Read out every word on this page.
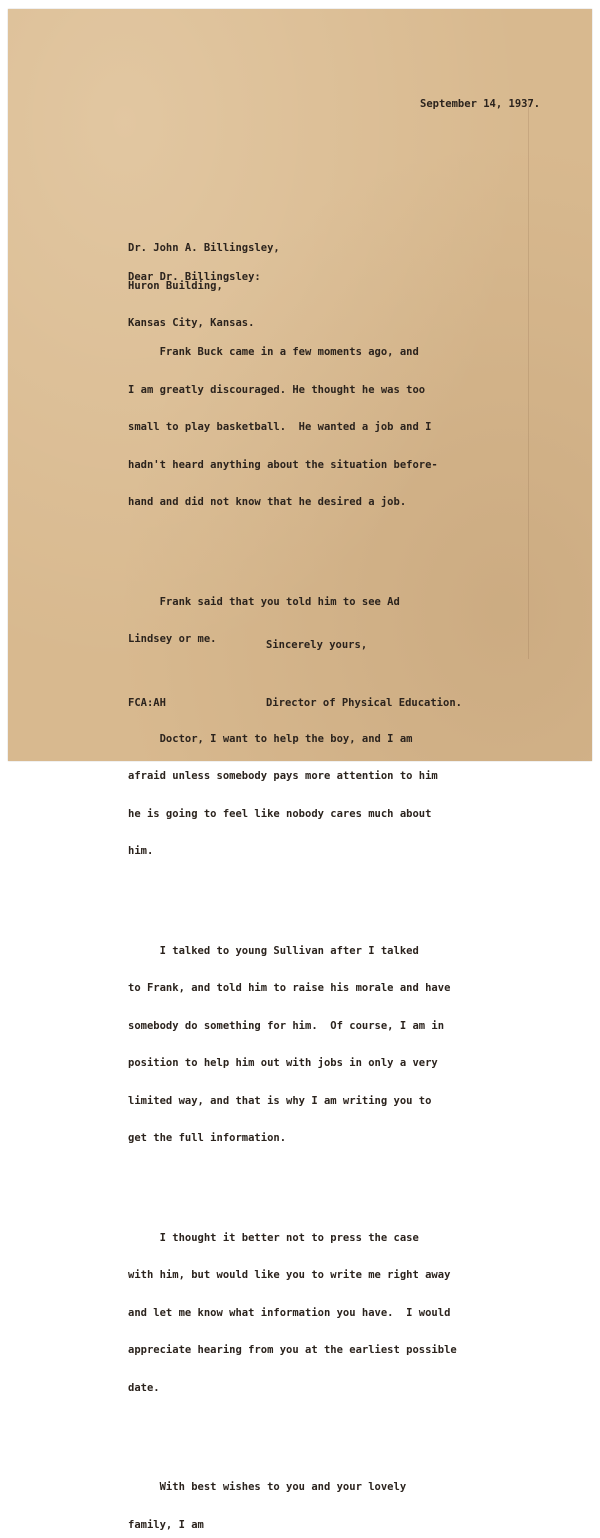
September 14, 1937.

Dr. John A. Billingsley,

Huron Building,

Kansas City, Kansas.

Dear Dr. Billingsley:

Frank Buck came in a few moments ago, and

I am greatly discouraged. He thought he was too

small to play basketball.  He wanted a job and I

hadn't heard anything about the situation before-

hand and did not know that he desired a job.

Frank said that you told him to see Ad

Lindsey or me.

Doctor, I want to help the boy, and I am

afraid unless somebody pays more attention to him

he is going to feel like nobody cares much about

him.

I talked to young Sullivan after I talked

to Frank, and told him to raise his morale and have

somebody do something for him.  Of course, I am in

position to help him out with jobs in only a very

limited way, and that is why I am writing you to

get the full information.

I thought it better not to press the case

with him, but would like you to write me right away

and let me know what information you have.  I would

appreciate hearing from you at the earliest possible

date.

With best wishes to you and your lovely

family, I am

Sincerely yours,
FCA:AH	Director of Physical Education.
